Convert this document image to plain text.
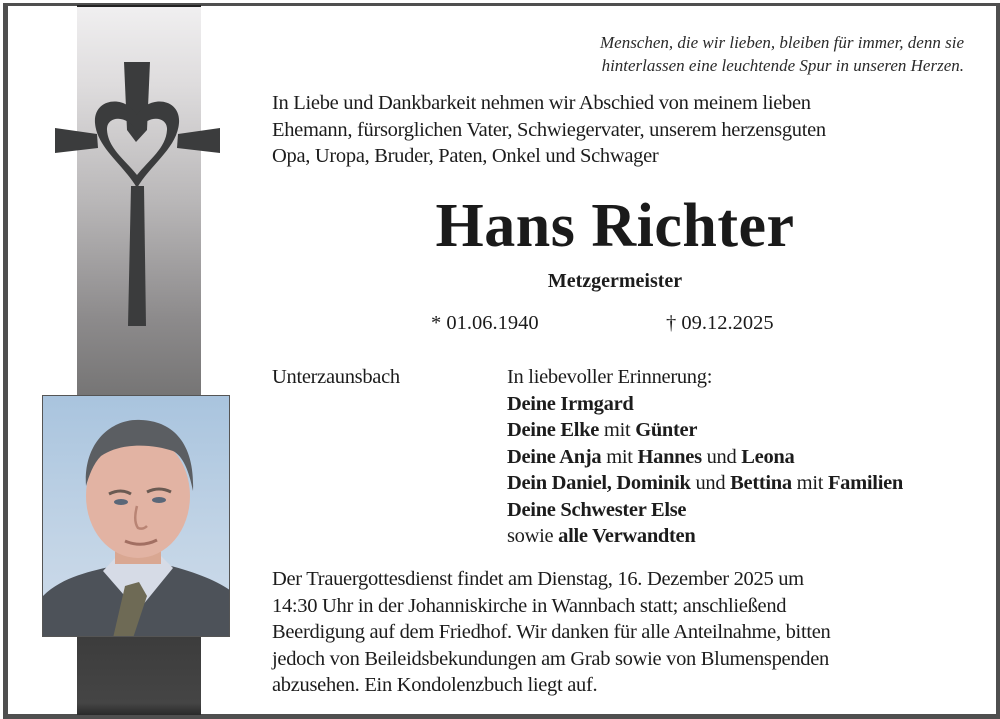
Menschen, die wir lieben, bleiben für immer, denn sie
hinterlassen eine leuchtende Spur in unseren Herzen.
In Liebe und Dankbarkeit nehmen wir Abschied von meinem lieben
Ehemann, fürsorglichen Vater, Schwiegervater, unserem herzensguten
Opa, Uropa, Bruder, Paten, Onkel und Schwager
Hans Richter
Metzgermeister
* 01.06.1940	† 09.12.2025
Unterzaunsbach	In liebevoller Erinnerung:
Deine Irmgard
Deine Elke mit Günter
Deine Anja mit Hannes und Leona
Dein Daniel, Dominik und Bettina mit Familien
Deine Schwester Else
sowie alle Verwandten
Der Trauergottesdienst findet am Dienstag, 16. Dezember 2025 um
14:30 Uhr in der Johanniskirche in Wannbach statt; anschließend
Beerdigung auf dem Friedhof. Wir danken für alle Anteilnahme, bitten
jedoch von Beileidsbekundungen am Grab sowie von Blumenspenden
abzusehen. Ein Kondolenzbuch liegt auf.
